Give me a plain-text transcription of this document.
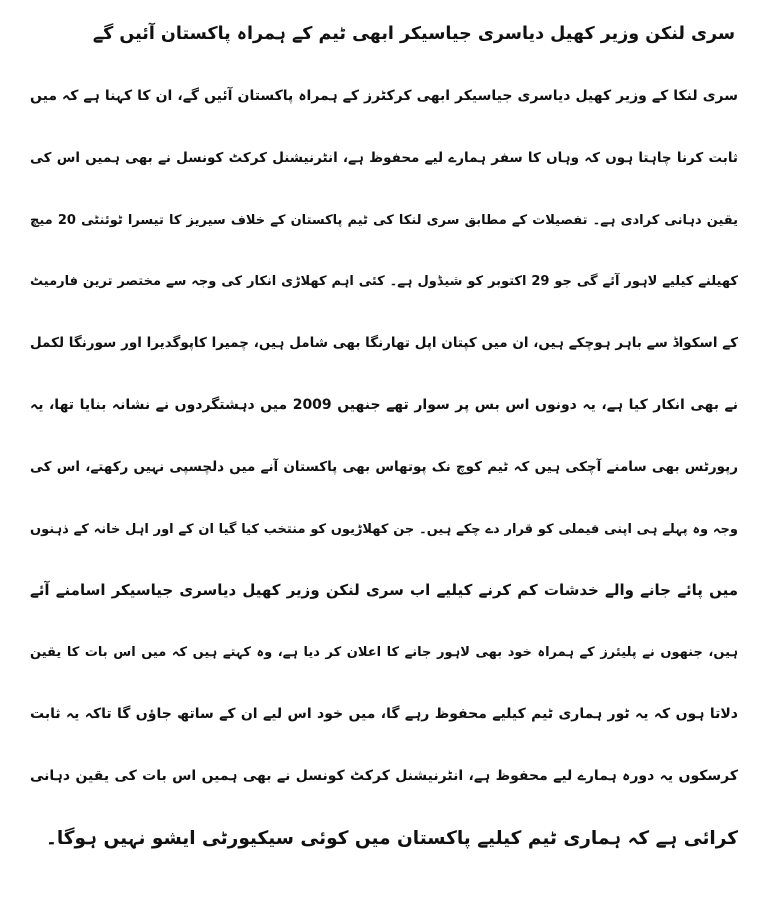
سری لنکن وزیر کھیل دیاسری جیاسیکر ابھی ٹیم کے ہمراہ پاکستان آئیں گے
سری لنکا کے وزیر کھیل دیاسری جیاسیکر ابھی کرکٹرز کے ہمراہ پاکستان آئیں گے، ان کا کہنا ہے کہ میں
ثابت کرنا چاہتا ہوں کہ وہاں کا سفر ہمارے لیے محفوظ ہے، انٹرنیشنل کرکٹ کونسل نے بھی ہمیں اس کی
یقین دہانی کرادی ہے۔ تفصیلات کے مطابق سری لنکا کی ٹیم پاکستان کے خلاف سیریز کا تیسرا ٹوئنٹی 20 میچ
کھیلنے کیلیے لاہور آئے گی جو 29 اکتوبر کو شیڈول ہے۔ کئی اہم کھلاڑی انکار کی وجہ سے مختصر ترین فارمیٹ
کے اسکواڈ سے باہر ہوچکے ہیں، ان میں کپتان اپل تھارنگا بھی شامل ہیں، چمیرا کاپوگدیرا اور سورنگا لکمل
نے بھی انکار کیا ہے، یہ دونوں اس بس پر سوار تھے جنھیں 2009 میں دہشتگردوں نے نشانہ بنایا تھا، یہ
رپورٹس بھی سامنے آچکی ہیں کہ ٹیم کوچ نک پوتھاس بھی پاکستان آنے میں دلچسپی نہیں رکھتے، اس کی
وجہ وہ پہلے ہی اپنی فیملی کو قرار دے چکے ہیں۔ جن کھلاڑیوں کو منتخب کیا گیا ان کے اور اہل خانہ کے ذہنوں
میں پائے جانے والے خدشات کم کرنے کیلیے اب سری لنکن وزیر کھیل دیاسری جیاسیکر اسامنے آئے
ہیں، جنھوں نے پلیئرز کے ہمراہ خود بھی لاہور جانے کا اعلان کر دیا ہے، وہ کہتے ہیں کہ میں اس بات کا یقین
دلاتا ہوں کہ یہ ٹور ہماری ٹیم کیلیے محفوظ رہے گا، میں خود اس لیے ان کے ساتھ جاؤں گا تاکہ یہ ثابت
کرسکوں یہ دورہ ہمارے لیے محفوظ ہے، انٹرنیشنل کرکٹ کونسل نے بھی ہمیں اس بات کی یقین دہانی
کرائی ہے کہ ہماری ٹیم کیلیے پاکستان میں کوئی سیکیورٹی ایشو نہیں ہوگا۔
